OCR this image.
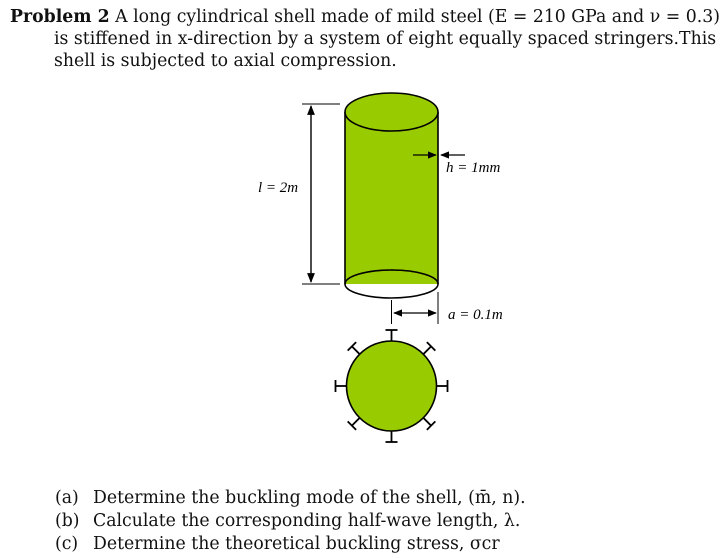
Problem 2 A long cylindrical shell made of mild steel (E = 210 GPa and ν = 0.3)
is stiffened in x-direction by a system of eight equally spaced stringers. This
shell is subjected to axial compression.
l = 2m
h = 1mm
a = 0.1m
(a) Determine the buckling mode of the shell, (m̄, n).
(b) Calculate the corresponding half-wave length, λ.
(c) Determine the theoretical buckling stress, σcr
